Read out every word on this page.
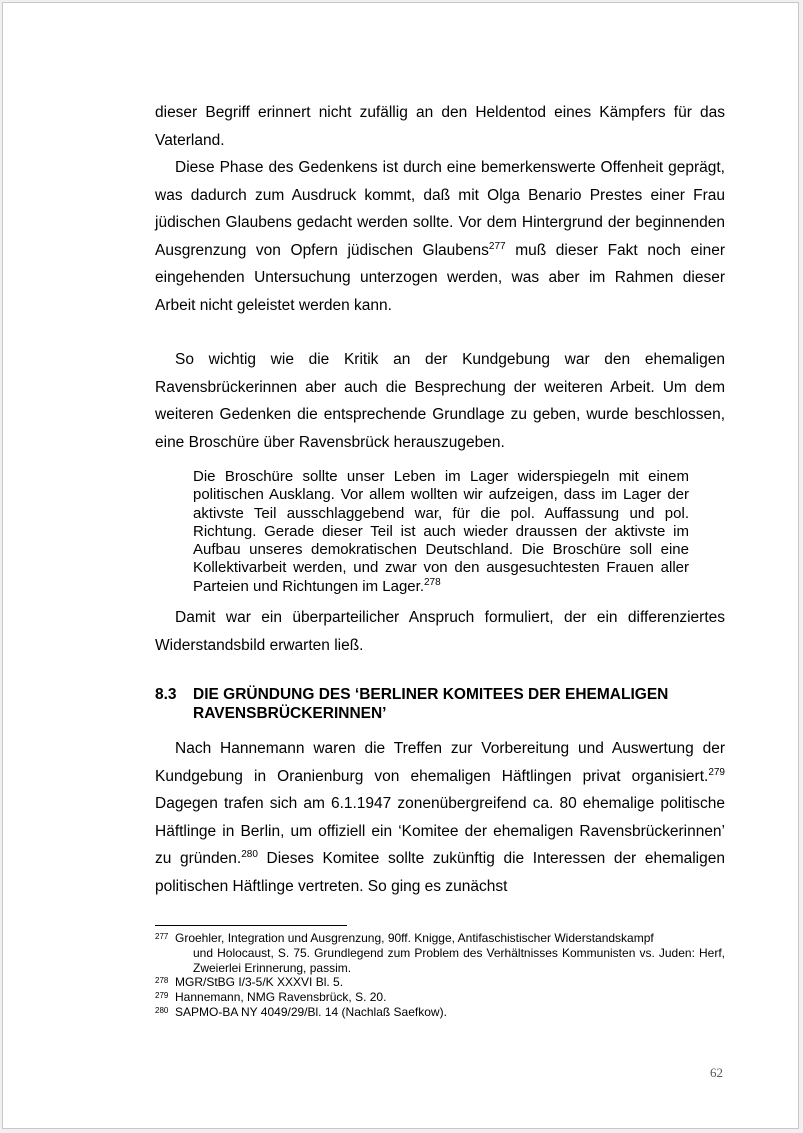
dieser Begriff erinnert nicht zufällig an den Heldentod eines Kämpfers für das Vaterland.

Diese Phase des Gedenkens ist durch eine bemerkenswerte Offenheit geprägt, was dadurch zum Ausdruck kommt, daß mit Olga Benario Prestes einer Frau jüdischen Glaubens gedacht werden sollte. Vor dem Hintergrund der beginnenden Ausgrenzung von Opfern jüdischen Glaubens$^{277}$ muß dieser Fakt noch einer eingehenden Untersuchung unterzogen werden, was aber im Rahmen dieser Arbeit nicht geleistet werden kann.

So wichtig wie die Kritik an der Kundgebung war den ehemaligen Ravensbrückerinnen aber auch die Besprechung der weiteren Arbeit. Um dem weiteren Gedenken die entsprechende Grundlage zu geben, wurde beschlossen, eine Broschüre über Ravensbrück herauszugeben.

Die Broschüre sollte unser Leben im Lager widerspiegeln mit einem politischen Ausklang. Vor allem wollten wir aufzeigen, dass im Lager der aktivste Teil ausschlaggebend war, für die pol. Auffassung und pol. Richtung. Gerade dieser Teil ist auch wieder draussen der aktivste im Aufbau unseres demokratischen Deutschland. Die Broschüre soll eine Kollektivarbeit werden, und zwar von den ausgesuchtesten Frauen aller Parteien und Richtungen im Lager.$^{278}$

Damit war ein überparteilicher Anspruch formuliert, der ein differenziertes Widerstandsbild erwarten ließ.

8.3	DIE GRÜNDUNG DES ‘BERLINER KOMITEES DER EHEMALIGEN RAVENSBRÜCKERINNEN’

Nach Hannemann waren die Treffen zur Vorbereitung und Auswertung der Kundgebung in Oranienburg von ehemaligen Häftlingen privat organisiert.$^{279}$ Dagegen trafen sich am 6.1.1947 zonenübergreifend ca. 80 ehemalige politische Häftlinge in Berlin, um offiziell ein ‘Komitee der ehemaligen Ravensbrückerinnen’ zu gründen.$^{280}$ Dieses Komitee sollte zukünftig die Interessen der ehemaligen politischen Häftlinge vertreten. So ging es zunächst

277 Groehler, Integration und Ausgrenzung, 90ff. Knigge, Antifaschistischer Widerstandskampf
und Holocaust, S. 75. Grundlegend zum Problem des Verhältnisses Kommunisten vs. Juden: Herf, Zweierlei Erinnerung, passim.
278 MGR/StBG I/3-5/K XXXVI Bl. 5.
279 Hannemann, NMG Ravensbrück, S. 20.
280 SAPMO-BA NY 4049/29/Bl. 14 (Nachlaß Saefkow).
62
